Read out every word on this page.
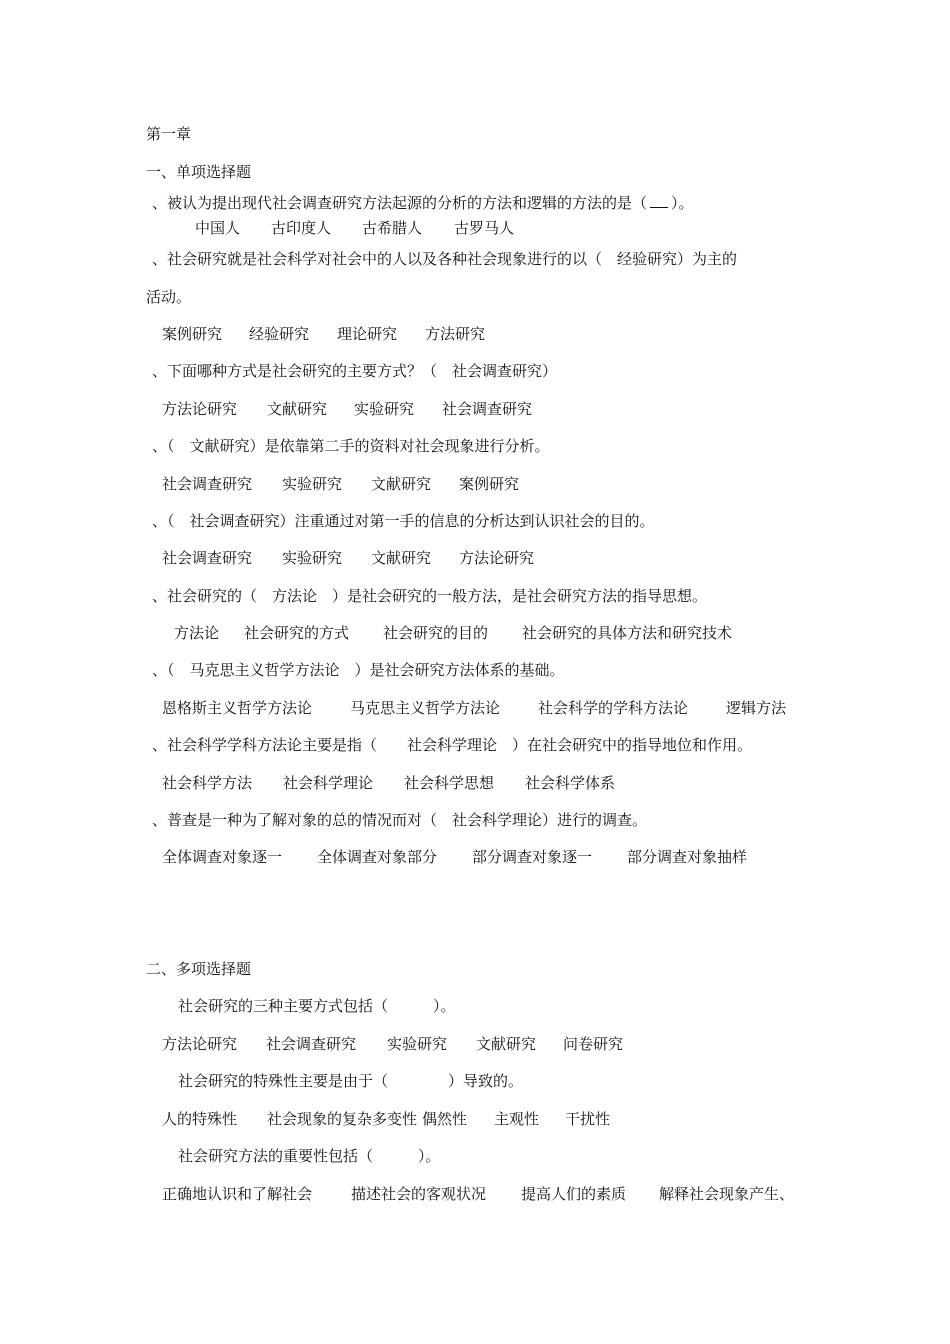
第一章
一、单项选择题
、被认为提出现代社会调查研究方法起源的分析的方法和逻辑的方法的是（ ）。
中国人 古印度人 古希腊人 古罗马人
、社会研究就是社会科学对社会中的人以及各种社会现象进行的以（　经验研究）为主的
活动。
案例研究 经验研究 理论研究 方法研究
、下面哪种方式是社会研究的主要方式？（　社会调查研究）
方法论研究 文献研究 实验研究 社会调查研究
、（　文献研究）是依靠第二手的资料对社会现象进行分析。
社会调查研究 实验研究 文献研究 案例研究
、（　社会调查研究）注重通过对第一手的信息的分析达到认识社会的目的。
社会调查研究 实验研究 文献研究 方法论研究
、社会研究的（　方法论　）是社会研究的一般方法，是社会研究方法的指导思想。
方法论 社会研究的方式 社会研究的目的 社会研究的具体方法和研究技术
、（　马克思主义哲学方法论　）是社会研究方法体系的基础。
恩格斯主义哲学方法论	马克思主义哲学方法论	社会科学的学科方法论	逻辑方法
、社会科学学科方法论主要是指（　　社会科学理论　）在社会研究中的指导地位和作用。
社会科学方法 社会科学理论 社会科学思想 社会科学体系
、普查是一种为了解对象的总的情况而对（　社会科学理论）进行的调查。
全体调查对象逐一 全体调查对象部分 部分调查对象逐一 部分调查对象抽样
二、多项选择题
社会研究的三种主要方式包括（　　　）。
方法论研究 社会调查研究 实验研究 文献研究 问卷研究
社会研究的特殊性主要是由于（　　　　）导致的。
人的特殊性 社会现象的复杂多变性 偶然性 主观性 干扰性
社会研究方法的重要性包括（　　　）。
正确地认识和了解社会	描述社会的客观状况 提高人们的素质 解释社会现象产生、
